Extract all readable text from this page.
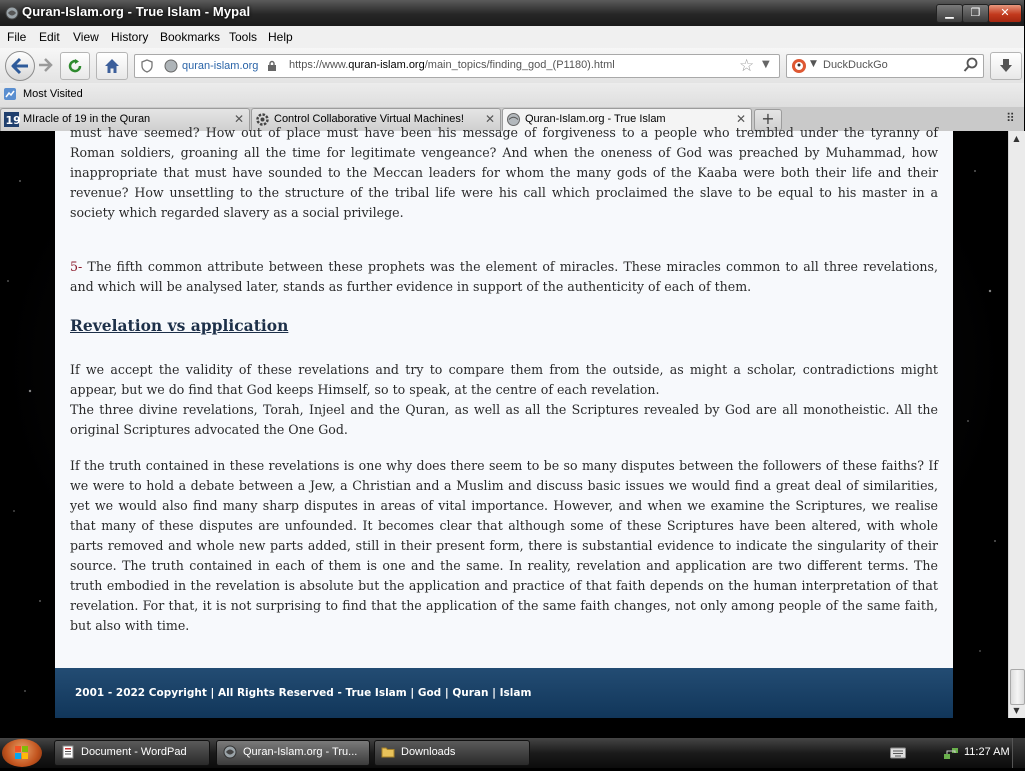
Quran-Islam.org - True Islam - Mypal	▁	❐	✕
File Edit View History Bookmarks Tools Help
quran-islam.org	https://www.quran-islam.org/main_topics/finding_god_(P1180).html	☆ ▼	▼ DuckDuckGo
Most Visited
19 MIracle of 19 in the Quran	✕	Control Collaborative Virtual Machines! ✕	Quran-Islam.org - True Islam	✕ +	⠿

must have seemed? How out of place must have been his message of forgiveness to a people who trembled under the tyranny of Roman soldiers, groaning all the time for legitimate vengeance? And when the oneness of God was preached by Muhammad, how inappropriate that must have sounded to the Meccan leaders for whom the many gods of the Kaaba were both their life and their revenue? How unsettling to the structure of the tribal life were his call which proclaimed the slave to be equal to his master in a society which regarded slavery as a social privilege.

5- The fifth common attribute between these prophets was the element of miracles. These miracles common to all three revelations, and which will be analysed later, stands as further evidence in support of the authenticity of each of them.

Revelation vs application

If we accept the validity of these revelations and try to compare them from the outside, as might a scholar, contradictions might appear, but we do find that God keeps Himself, so to speak, at the centre of each revelation.

The three divine revelations, Torah, Injeel and the Quran, as well as all the Scriptures revealed by God are all monotheistic. All the original Scriptures advocated the One God.

If the truth contained in these revelations is one why does there seem to be so many disputes between the followers of these faiths? If we were to hold a debate between a Jew, a Christian and a Muslim and discuss basic issues we would find a great deal of similarities, yet we would also find many sharp disputes in areas of vital importance. However, and when we examine the Scriptures, we realise that many of these disputes are unfounded. It becomes clear that although some of these Scriptures have been altered, with whole parts removed and whole new parts added, still in their present form, there is substantial evidence to indicate the singularity of their source. The truth contained in each of them is one and the same. In reality, revelation and application are two different terms. The truth embodied in the revelation is absolute but the application and practice of that faith depends on the human interpretation of that revelation. For that, it is not surprising to find that the application of the same faith changes, not only among people of the same faith, but also with time.

2001 - 2022 Copyright | All Rights Reserved - True Islam | God | Quran | Islam
▲
▼
Document - WordPad	Quran-Islam.org - Tru...	Downloads	11:27 AM
